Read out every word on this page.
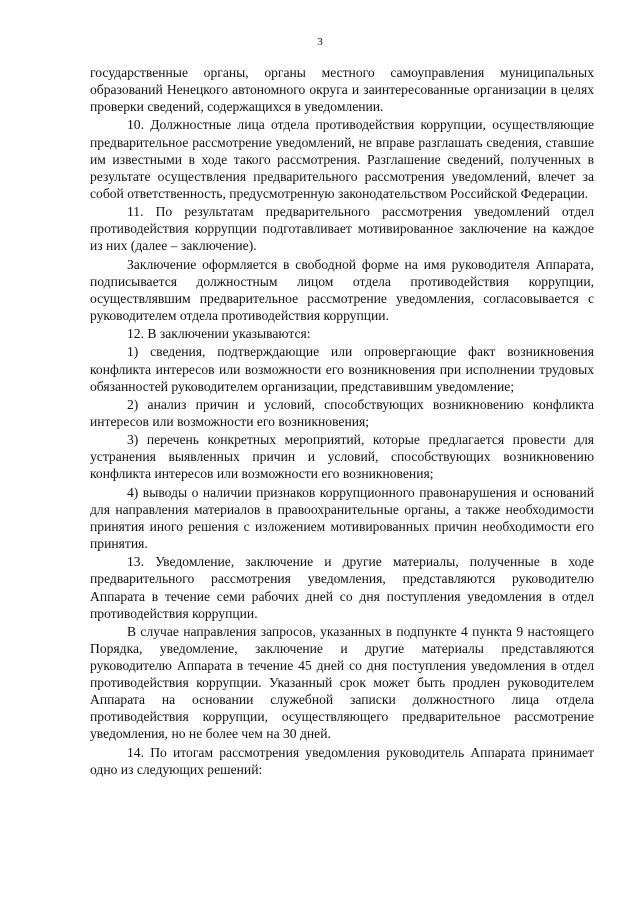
3

государственные органы, органы местного самоуправления муниципальных образований Ненецкого автономного округа и заинтересованные организации в целях проверки сведений, содержащихся в уведомлении.

10. Должностные лица отдела противодействия коррупции, осуществляющие предварительное рассмотрение уведомлений, не вправе разглашать сведения, ставшие им известными в ходе такого рассмотрения. Разглашение сведений, полученных в результате осуществления предварительного рассмотрения уведомлений, влечет за собой ответственность, предусмотренную законодательством Российской Федерации.

11. По результатам предварительного рассмотрения уведомлений отдел противодействия коррупции подготавливает мотивированное заключение на каждое из них (далее – заключение).

Заключение оформляется в свободной форме на имя руководителя Аппарата, подписывается должностным лицом отдела противодействия коррупции, осуществлявшим предварительное рассмотрение уведомления, согласовывается с руководителем отдела противодействия коррупции.

12. В заключении указываются:

1) сведения, подтверждающие или опровергающие факт возникновения конфликта интересов или возможности его возникновения при исполнении трудовых обязанностей руководителем организации, представившим уведомление;

2) анализ причин и условий, способствующих возникновению конфликта интересов или возможности его возникновения;

3) перечень конкретных мероприятий, которые предлагается провести для устранения выявленных причин и условий, способствующих возникновению конфликта интересов или возможности его возникновения;

4) выводы о наличии признаков коррупционного правонарушения и оснований для направления материалов в правоохранительные органы, а также необходимости принятия иного решения с изложением мотивированных причин необходимости его принятия.

13. Уведомление, заключение и другие материалы, полученные в ходе предварительного рассмотрения уведомления, представляются руководителю Аппарата в течение семи рабочих дней со дня поступления уведомления в отдел противодействия коррупции.

В случае направления запросов, указанных в подпункте 4 пункта 9 настоящего Порядка, уведомление, заключение и другие материалы представляются руководителю Аппарата в течение 45 дней со дня поступления уведомления в отдел противодействия коррупции. Указанный срок может быть продлен руководителем Аппарата на основании служебной записки должностного лица отдела противодействия коррупции, осуществляющего предварительное рассмотрение уведомления, но не более чем на 30 дней.

14. По итогам рассмотрения уведомления руководитель Аппарата принимает одно из следующих решений:
